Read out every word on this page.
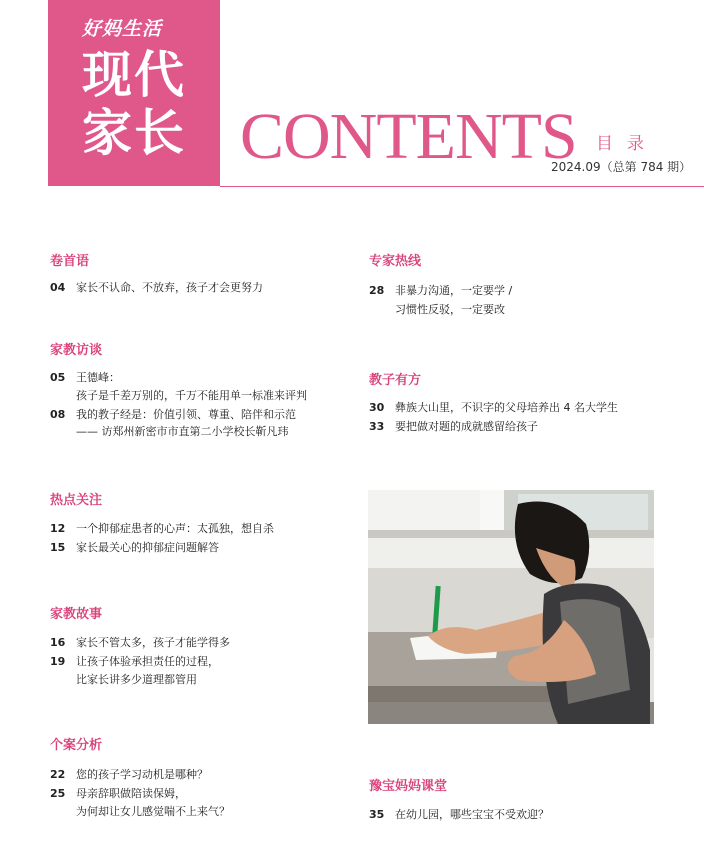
好妈生活
现代
家长 CONTENTS 目录
2024.09（总第 784 期）
卷首语
04 家长不认命、不放弃，孩子才会更努力
家教访谈
05 王德峰：
孩子是千差万别的，千万不能用单一标准来评判
08 我的教子经是：价值引领、尊重、陪伴和示范
—— 访郑州新密市市直第二小学校长靳凡玮
热点关注
12 一个抑郁症患者的心声：太孤独，想自杀
15 家长最关心的抑郁症问题解答
家教故事
16 家长不管太多，孩子才能学得多
19 让孩子体验承担责任的过程，
比家长讲多少道理都管用
个案分析
22 您的孩子学习动机是哪种？
25 母亲辞职做陪读保姆，
为何却让女儿感觉喘不上来气？
专家热线
28 非暴力沟通，一定要学 /
习惯性反驳，一定要改
教子有方
30 彝族大山里，不识字的父母培养出 4 名大学生
33 要把做对题的成就感留给孩子
豫宝妈妈课堂
35 在幼儿园，哪些宝宝不受欢迎？
